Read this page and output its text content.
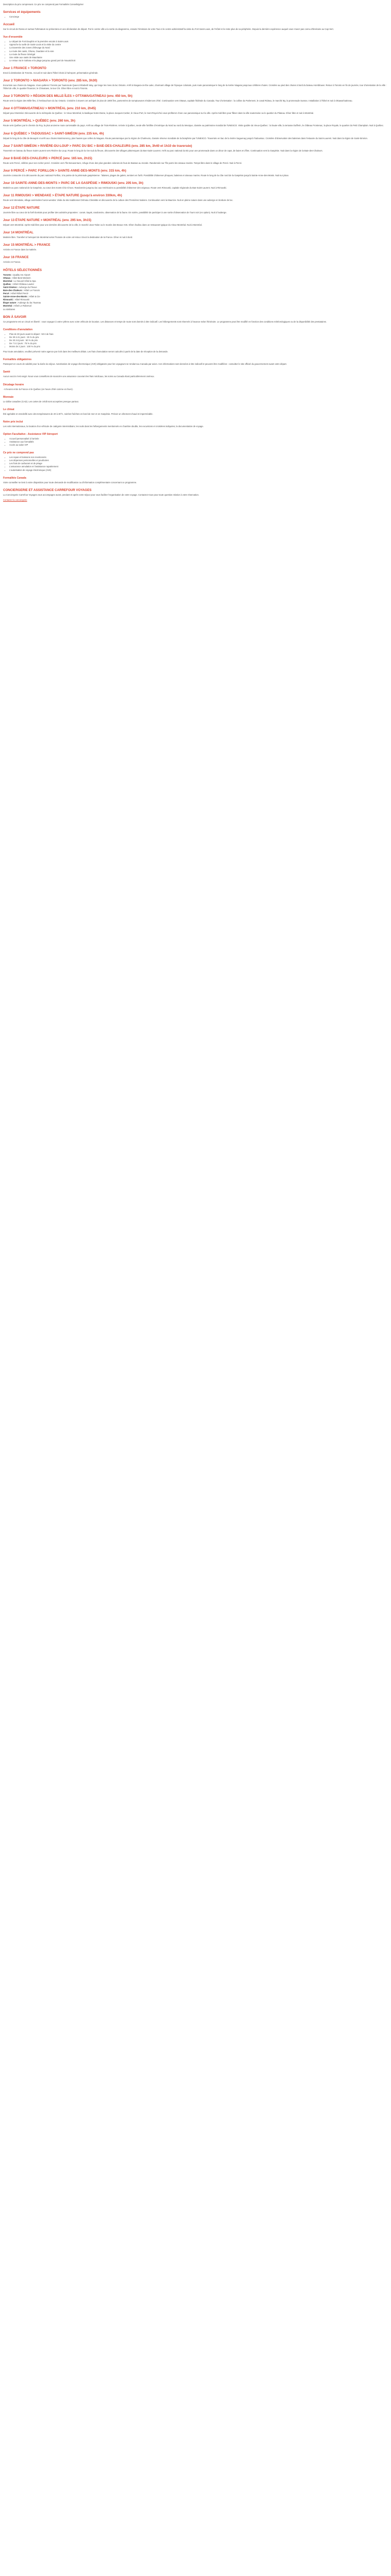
Description du prix comprenant. Ce prix ne comprend pas Formalités Conseils/gérer

Services et équipements
• Concierge
Accueil

Sur le circuit de Rosso et surtout l'Ultimatum se présentera et une déclaration de départ. Par le centre ville a la sortie du diagramme, ensuite l'émission de votre Taxi et le centre administratif la visite du Fort Saint-Louis, de l'Hôtel et le reste plus de sa périphérie. Depuis la dernière expérience auquel vous n'avez pas connu d'itinéraire au Cap-Vert.

Vue d'ensemble
• Le départ de Fort Dauphin et la première escale à Saint-Louis
• Approche la ruelle de Saint-Louis et la visite du centre
• La traversée des zones d'élevage du Nord
• La route des oasis, Ghana, Ouadane et la voie
• La route du fleuve Sénégal
• Une visite aux oasis de Mauritanie
• Le retour via le Sahara et la plage jusqu'au grand port de Nouakchott
Jour 1 FRANCE > TORONTO

Envol à destination de Toronto. Accueil et nuit dans l'hôtel choisi à l'aéroport, présentation générale.

Jour 2 TORONTO > NIAGARA > TORONTO (env. 285 km, 3h30)

Excursion aux chutes du Niagara. Vous quitterez Toronto par l'autoroute Queen Elizabeth Way, qui longe les rives du lac Ontario. Arrêt à Niagara-on-the-Lake, charmant village de l'époque coloniale, puis route panoramique le long de la rivière Niagara jusqu'aux célèbres chutes. Croisière au pied des chutes à bord du bateau Hornblower. Retour à Toronto en fin de journée, tour d'orientation de la ville : l'hôtel de ville, le quartier financier, le Chinatown, la tour CN. Dîner libre et nuit à Toronto.

Jour 3 TORONTO > RÉGION DES MILLE-ÎLES > OTTAWA/GATINEAU (env. 450 km, 5h)

Route vers la région des Mille-Îles, à l'embouchure du lac Ontario. Croisière à travers cet archipel de plus de 1800 îles, parsemées de somptueuses résidences d'été. Continuation vers Ottawa, capitale fédérale du Canada. Tour d'orientation : la colline du Parlement, le canal Rideau, le marché By, la promenade Sussex. Installation à l'hôtel et nuit à Ottawa/Gatineau.

Jour 4 OTTAWA/GATINEAU > MONTRÉAL (env. 210 km, 2h45)

Départ pour Montréal. Découverte de la métropole du Québec : le Vieux-Montréal, la basilique Notre-Dame, la place Jacques-Cartier, le Vieux-Port, le mont Royal d'où vous profiterez d'une vue panoramique sur la ville. Après-midi libre pour flâner dans la ville souterraine ou le quartier du Plateau. Dîner libre et nuit à Montréal.

Jour 5 MONTRÉAL > QUÉBEC (env. 260 km, 3h)

Route vers Québec par le chemin du Roy, la plus ancienne route carrossable du pays. Arrêt au village de Trois-Rivières. Arrivée à Québec, seule ville fortifiée d'Amérique du Nord au nord du Mexique, classée au patrimoine mondial de l'UNESCO. Visite guidée du Vieux-Québec : la haute-ville, la terrasse Dufferin, le château Frontenac, la place Royale, le quartier du Petit Champlain. Nuit à Québec.

Jour 6 QUÉBEC > TADOUSSAC > SAINT-SIMÉON (env. 235 km, 4h)

Départ le long de la côte de Beaupré et arrêt aux chutes Montmorency, plus hautes que celles du Niagara. Route panoramique par la région de Charlevoix, classée réserve mondiale de la biosphère par l'UNESCO. Traversée en bac de la rivière Saguenay jusqu'à Tadoussac. Croisière d'observation des baleines dans l'estuaire du Saint-Laurent. Nuit dans la région de Saint-Siméon.

Jour 7 SAINT-SIMÉON > RIVIÈRE-DU-LOUP > PARC DU BIC > BAIE-DES-CHALEURS (env. 285 km, 3h40 et 1h10 de traversée)

Traversée en bateau du fleuve Saint-Laurent vers Rivière-du-Loup. Route le long de la rive sud du fleuve, découverte des villages pittoresques du Bas-Saint-Laurent. Arrêt au parc national du Bic pour une promenade dans un décor de caps, de baies et d'îles. Continuation vers la Gaspésie. Nuit dans la région de la Baie-des-Chaleurs.

Jour 8 BAIE-DES-CHALEURS > PERCÉ (env. 165 km, 2h15)

Route vers Percé, célèbre pour son rocher percé. Croisière vers l'île Bonaventure, refuge d'une des plus grandes colonies de fous de Bassan au monde. Randonnée sur l'île parmi les oiseaux marins. Temps libre dans le village de Percé. Nuit à Percé.

Jour 9 PERCÉ > PARC FORILLON > SAINTE-ANNE-DES-MONTS (env. 315 km, 4h)

Journée consacrée à la découverte du parc national Forillon, à la pointe de la péninsule gaspésienne : falaises, plages de galets, sentiers en forêt. Possibilité d'observer phoques, baleines et oiseaux marins. Route le long de la côte nord de la Gaspésie jusqu'à Sainte-Anne-des-Monts. Nuit sur place.

Jour 10 SAINTE-ANNE-DES-MONTS > PARC DE LA GASPÉSIE > RIMOUSKI (env. 205 km, 3h)

Matinée au parc national de la Gaspésie, au cœur des monts Chic-Chocs. Randonnée jusqu'au lac aux Américains ou possibilité d'observer des orignaux. Route vers Rimouski, capitale régionale du Bas-Saint-Laurent. Nuit à Rimouski.

Jour 11 RIMOUSKI > WENDAKE > ÉTAPE NATURE (jusqu'à environ 330km, 4h)

Route vers Wendake, village amérindien huron-wendat. Visite du site traditionnel Onhoüa Chetek8e et découverte de la culture des Premières Nations. Continuation vers la Mauricie. Nuit en pleine nature dans une auberge en bordure de lac.

Jour 12 ÉTAPE NATURE

Journée libre au cœur de la forêt boréale pour profiter des activités proposées : canoë, kayak, randonnée, observation de la faune. En soirée, possibilité de participer à une sortie d'observation de l'ours noir (en option). Nuit à l'auberge.

Jour 13 ÉTAPE NATURE > MONTRÉAL (env. 295 km, 3h15)

Départ vers Montréal. Après-midi libre pour une dernière découverte de la ville, le marché Jean-Talon ou le musée des Beaux-Arts. Dîner d'adieu dans un restaurant typique du Vieux-Montréal. Nuit à Montréal.

Jour 14 MONTRÉAL

Matinée libre. Transfert à l'aéroport de Montréal selon l'horaire de votre vol retour. Envol à destination de la France. Dîner et nuit à bord.

Jour 15 MONTRÉAL > FRANCE

Arrivée en France dans la matinée.

Jour 16 FRANCE

Arrivée en France.

HÔTELS SÉLECTIONNÉS
Toronto : Quality Inn Airport
Ottawa : Hôtel Best Western
Montréal : Le Nouvel Hôtel & Spa
Québec : Hôtel Château Laurier
Saint-Siméon : Auberge du Fleuve
Baie-des-Chaleurs : Hôtel Le Francis
Percé : Hôtel Riôtel Percé
Sainte-Anne-des-Monts : Hôtel & Cie
Rimouski : Hôtel Rimouski
Étape nature : Auberge du lac Taureau
Montréal : Hôtel Le Roberval

ou similaires

BON À SAVOIR

Ce programme est un circuit en liberté : vous voyagez à votre rythme avec votre véhicule de location. Les distances et temps de route sont donnés à titre indicatif. Les hébergements sont réservés à l'avance selon l'itinéraire. Le programme peut être modifié en fonction des conditions météorologiques ou de la disponibilité des prestataires.

Conditions d'annulation
• Plus de 30 jours avant le départ : 50 € de frais
• De 30 à 21 jours : 25 % du prix
• De 20 à 8 jours : 50 % du prix
• De 7 à 2 jours : 75 % du prix
• Moins de 2 jours : 100 % du prix

Pour toute annulation, veuillez prévenir notre agence par écrit dans les meilleurs délais. Les frais d'annulation seront calculés à partir de la date de réception de la demande.

Formalités obligatoires

Passeport en cours de validité pour la durée du séjour. Autorisation de voyage électronique (AVE) obligatoire pour les voyageurs se rendant au Canada par avion. Ces informations sont données à titre indicatif et peuvent être modifiées : consultez le site officiel du gouvernement avant votre départ.

Santé

Aucun vaccin n'est exigé. Nous vous conseillons de souscrire une assurance couvrant les frais médicaux, les soins au Canada étant particulièrement onéreux.

Décalage horaire

- 6 heures entre la France et le Québec (en heure d'été comme en hiver).

Monnaie

Le dollar canadien (CAD). Les cartes de crédit sont acceptées presque partout.

Le climat

Été agréable et ensoleillé avec des températures de 20 à 30°C, soirées fraîches en bord de mer et en Gaspésie. Prévoir un vêtement chaud et imperméable.

Notre prix inclut

Les vols internationaux, la location d'un véhicule de catégorie intermédiaire, les nuits dans les hébergements mentionnés en chambre double, les excursions et croisières indiquées, la documentation de voyage.

Option Facultative - Assistance VIP Aéroport
• Accueil personnalisé à l'arrivée
• Assistance aux formalités
• Accès au salon VIP
Ce prix ne comprend pas
• Les repas et boissons non mentionnés
• Les dépenses personnelles et pourboires
• Les frais de carburant et de péage
• L'assurance annulation et l'assistance rapatriement
• L'autorisation de voyage électronique (AVE)
Formalités Canada

Votre conseiller se tient à votre disposition pour toute demande de modification ou d'information complémentaire concernant ce programme.

CONCIERGERIE ET ASSISTANCE CARREFOUR VOYAGES

La Conciergerie Carrefour Voyages vous accompagne avant, pendant et après votre séjour pour vous faciliter l'organisation de votre voyage. Contactez-nous pour toute question relative à votre réservation.

Contacter la conciergerie
